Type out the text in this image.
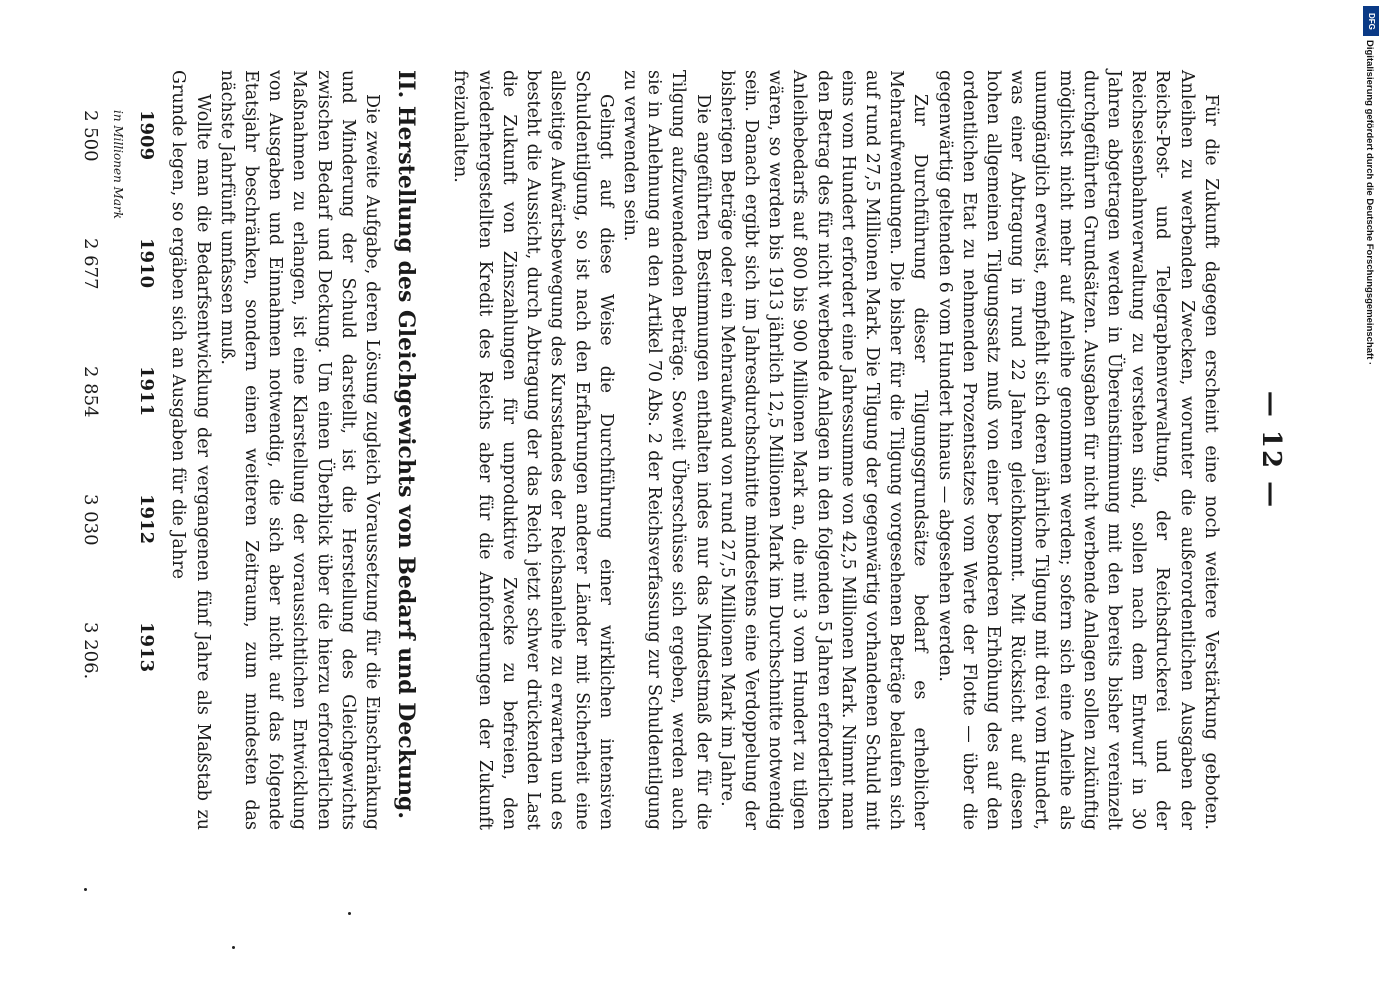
— 12 —

Für die Zukunft dagegen erscheint eine noch weitere Verstärkung geboten. Anleihen zu werbenden Zwecken, worunter die außerordentlichen Ausgaben der Reichs-Post- und Telegraphenverwaltung, der Reichsdruckerei und der Reichseisenbahnverwaltung zu verstehen sind, sollen nach dem Entwurf in 30 Jahren abgetragen werden in Übereinstimmung mit den bereits bisher vereinzelt durchgeführten Grundsätzen. Ausgaben für nicht werbende Anlagen sollen zukünftig möglichst nicht mehr auf Anleihe genommen werden; sofern sich eine Anleihe als unumgänglich erweist, empfiehlt sich deren jährliche Tilgung mit drei vom Hundert, was einer Abtragung in rund 22 Jahren gleichkommt. Mit Rücksicht auf diesen hohen allgemeinen Tilgungssatz muß von einer besonderen Erhöhung des auf den ordentlichen Etat zu nehmenden Prozentsatzes vom Werte der Flotte — über die gegenwärtig geltenden 6 vom Hundert hinaus — abgesehen werden.

Zur Durchführung dieser Tilgungsgrundsätze bedarf es erheblicher Mehraufwendungen. Die bisher für die Tilgung vorgesehenen Beträge belaufen sich auf rund 27,5 Millionen Mark. Die Tilgung der gegenwärtig vorhandenen Schuld mit eins vom Hundert erfordert eine Jahressumme von 42,5 Millionen Mark. Nimmt man den Betrag des für nicht werbende Anlagen in den folgenden 5 Jahren erforderlichen Anleihebedarfs auf 800 bis 900 Millionen Mark an, die mit 3 vom Hundert zu tilgen wären, so werden bis 1913 jährlich 12,5 Millionen Mark im Durchschnitte notwendig sein. Danach ergibt sich im Jahresdurchschnitte mindestens eine Verdoppelung der bisherigen Beträge oder ein Mehraufwand von rund 27,5 Millionen Mark im Jahre.

Die angeführten Bestimmungen enthalten indes nur das Mindestmaß der für die Tilgung aufzuwendenden Beträge. Soweit Überschüsse sich ergeben, werden auch sie in Anlehnung an den Artikel 70 Abs. 2 der Reichsverfassung zur Schuldentilgung zu verwenden sein.

Gelingt auf diese Weise die Durchführung einer wirklichen intensiven Schuldentilgung, so ist nach den Erfahrungen anderer Länder mit Sicherheit eine allseitige Aufwärtsbewegung des Kursstandes der Reichsanleihe zu erwarten und es besteht die Aussicht, durch Abtragung der das Reich jetzt schwer drückenden Last die Zukunft von Zinszahlungen für unproduktive Zwecke zu befreien, den wiederhergestellten Kredit des Reichs aber für die Anforderungen der Zukunft freizuhalten.

II. Herstellung des Gleichgewichts von Bedarf und Deckung.

Die zweite Aufgabe, deren Lösung zugleich Voraussetzung für die Einschränkung und Minderung der Schuld darstellt, ist die Herstellung des Gleichgewichts zwischen Bedarf und Deckung. Um einen Überblick über die hierzu erforderlichen Maßnahmen zu erlangen, ist eine Klarstellung der voraussichtlichen Entwicklung von Ausgaben und Einnahmen notwendig, die sich aber nicht auf das folgende Etatsjahr beschränken, sondern einen weiteren Zeitraum, zum mindesten das nächste Jahrfünft umfassen muß.

Wollte man die Bedarfsentwicklung der vergangenen fünf Jahre als Maßstab zu Grunde legen, so ergäben sich an Ausgaben für die Jahre

1909	1910	1911	1912	1913
in Millionen Mark				
2 500	2 677	2 854	3 030	3 206.
DFG
Digitalisierung gefördert durch die Deutsche Forschungsgemeinschaft ·
